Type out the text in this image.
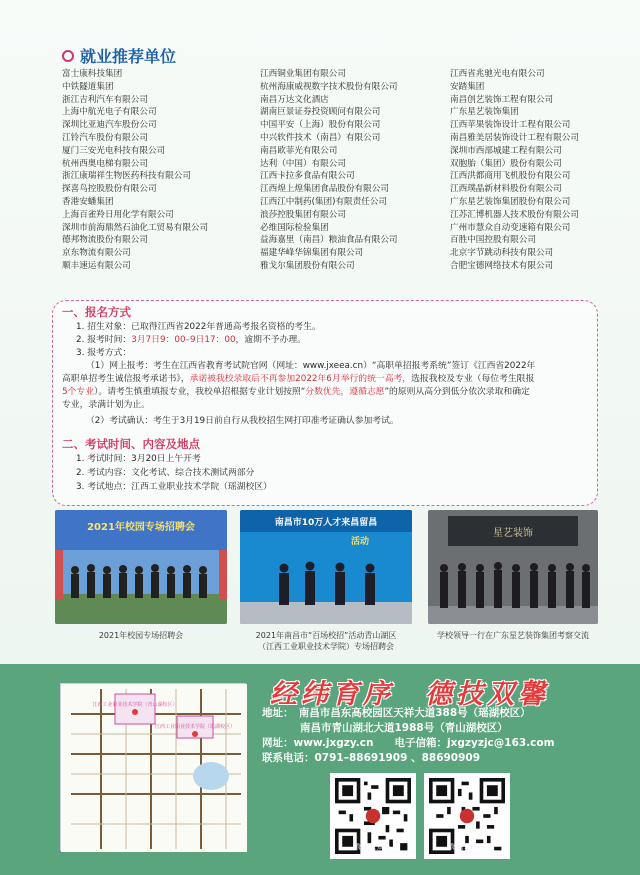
就业推荐单位
富士康科技集团
中铁隧道集团
浙江吉利汽车有限公司
上海中航光电子有限公司
深圳比亚迪汽车股份公司
江铃汽车股份有限公司
厦门三安光电科技有限公司
杭州西奥电梯有限公司
浙江康瑞祥生物医药科技有限公司
探喜鸟控股股份有限公司
香港安蟠集团
上海百雀羚日用化学有限公司
深圳市前海鼎然石油化工贸易有限公司
德邦物流股份有限公司
京东物流有限公司
顺丰速运有限公司
江西铜业集团有限公司
杭州海康威视数字技术股份有限公司
南昌万达文化酒店
湖南巨景证券投资顾问有限公司
中国平安（上海）股份有限公司
中兴软件技术（南昌）有限公司
南昌欧菲光有限公司
达利（中国）有限公司
江西卡拉多食品有限公司
江西煌上煌集团食品股份有限公司
江西江中制药(集团)有限责任公司
浪莎控股集团有限公司
必维国际检验集团
益海嘉里（南昌）粮油食品有限公司
福建华峰华锦集团有限公司
雅戈尔集团股份有限公司
江西省兆驰光电有限公司
安踏集团
南昌创艺装饰工程有限公司
广东星艺装饰集团
江西苹果装饰设计工程有限公司
南昌雅美居装饰设计工程有限公司
深圳市西部城建工程有限公司
双胞胎（集团）股份有限公司
江西洪都商用飞机股份有限公司
江西璞晶新材料股份有限公司
广东星艺装饰集团股份有限公司
江苏汇博机器人技术股份有限公司
广州市慧众自动变速箱有限公司
百胜中国控股有限公司
北京字节跳动科技有限公司
合肥宝德网络技术有限公司
一、报名方式
1. 招生对象：已取得江西省2022年普通高考报名资格的考生。
2. 报考时间：3月7日9：00–9日17：00，逾期不予办理。
3. 报考方式：
（1）网上报考：考生在江西省教育考试院官网（网址：www.jxeea.cn）“高职单招报考系统”签订《江西省2022年
高职单招考生诚信报考承诺书》，承诺被我校录取后不再参加2022年6月举行的统一高考，选报我校及专业（每位考生限报
5个专业）。请考生慎重填报专业，我校单招根据专业计划按照“分数优先，遵循志愿”的原则从高分到低分依次录取和确定
专业，录满计划为止。
（2）考试确认：考生于3月19日前自行从我校招生网打印准考证确认参加考试。
二、考试时间、内容及地点
1. 考试时间：3月20日上午开考
2. 考试内容：文化考试、综合技术测试两部分
3. 考试地点：江西工业职业技术学院（瑶湖校区）
2021年校园专场招聘会
2021年校园专场招聘会
南昌市10万人才来昌留昌
活动
2021年南昌市“百场校招”活动青山湖区
（江西工业职业技术学院）专场招聘会
星艺装饰
学校领导一行在广东星艺装饰集团考察交流
江西工业职业技术学院（青山湖校区）
江西工业职业技术学院（瑶湖校区）
经纬育序　德技双馨
地址：　 南昌市昌东高校园区天祥大道388号（瑶湖校区）
南昌市青山湖北大道1988号（青山湖校区）
网址：www.jxgzy.cn　　 电子信箱：jxgzyzjc@163.com
联系电话：0791–88691909 、88690909
微信公众号	微信二维码
